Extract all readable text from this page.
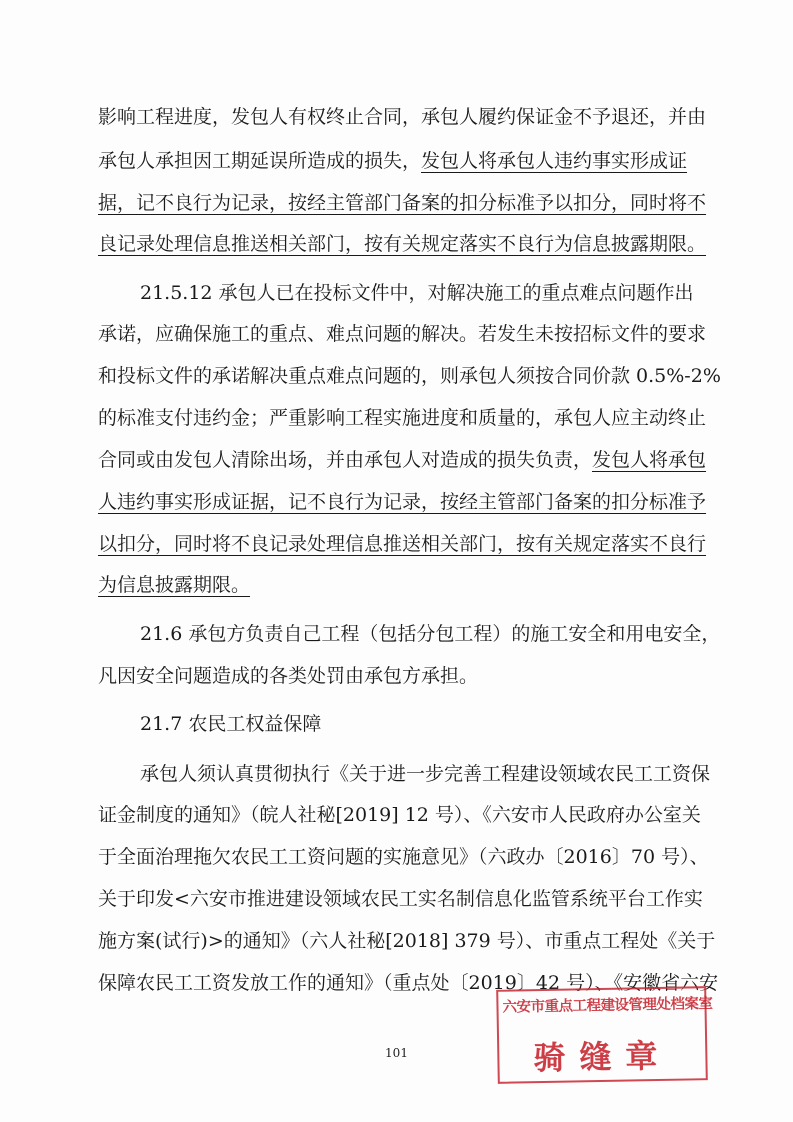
影响工程进度，发包人有权终止合同，承包人履约保证金不予退还，并由
承包人承担因工期延误所造成的损失，发包人将承包人违约事实形成证
据，记不良行为记录，按经主管部门备案的扣分标准予以扣分，同时将不
良记录处理信息推送相关部门，按有关规定落实不良行为信息披露期限。
21.5.12 承包人已在投标文件中，对解决施工的重点难点问题作出
承诺，应确保施工的重点、难点问题的解决。若发生未按招标文件的要求
和投标文件的承诺解决重点难点问题的，则承包人须按合同价款 0.5%-2%
的标准支付违约金；严重影响工程实施进度和质量的，承包人应主动终止
合同或由发包人清除出场，并由承包人对造成的损失负责，发包人将承包
人违约事实形成证据，记不良行为记录，按经主管部门备案的扣分标准予
以扣分，同时将不良记录处理信息推送相关部门，按有关规定落实不良行
为信息披露期限。
21.6 承包方负责自己工程（包括分包工程）的施工安全和用电安全，
凡因安全问题造成的各类处罚由承包方承担。
21.7 农民工权益保障
承包人须认真贯彻执行《关于进一步完善工程建设领域农民工工资保
证金制度的通知》（皖人社秘[2019] 12 号）、《六安市人民政府办公室关
于全面治理拖欠农民工工资问题的实施意见》（六政办〔2016〕70 号）、
关于印发<六安市推进建设领域农民工实名制信息化监管系统平台工作实
施方案(试行)>的通知》（六人社秘[2018] 379 号）、市重点工程处《关于
保障农民工工资发放工作的通知》（重点处〔2019〕42 号）、《安徽省六安
101
六安市重点工程建设管理处档案室
骑缝章
